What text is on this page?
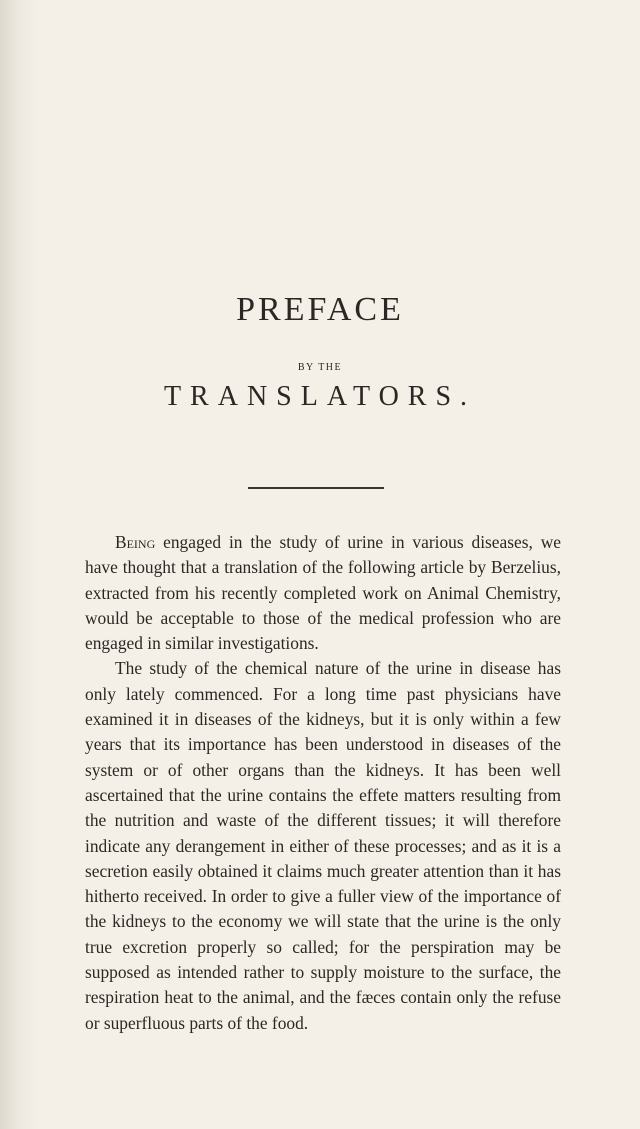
PREFACE
BY THE
TRANSLATORS.

Being engaged in the study of urine in various diseases, we have thought that a translation of the following article by Berzelius, extracted from his recently completed work on Animal Chemistry, would be acceptable to those of the medical profession who are engaged in similar investigations.

The study of the chemical nature of the urine in disease has only lately commenced. For a long time past physicians have examined it in diseases of the kidneys, but it is only within a few years that its importance has been understood in diseases of the system or of other organs than the kidneys. It has been well ascertained that the urine contains the effete matters resulting from the nutrition and waste of the different tissues; it will therefore indicate any derangement in either of these processes; and as it is a secretion easily obtained it claims much greater attention than it has hitherto received. In order to give a fuller view of the importance of the kidneys to the economy we will state that the urine is the only true excretion properly so called; for the perspiration may be supposed as intended rather to supply moisture to the surface, the respiration heat to the animal, and the fæces contain only the refuse or superfluous parts of the food.
